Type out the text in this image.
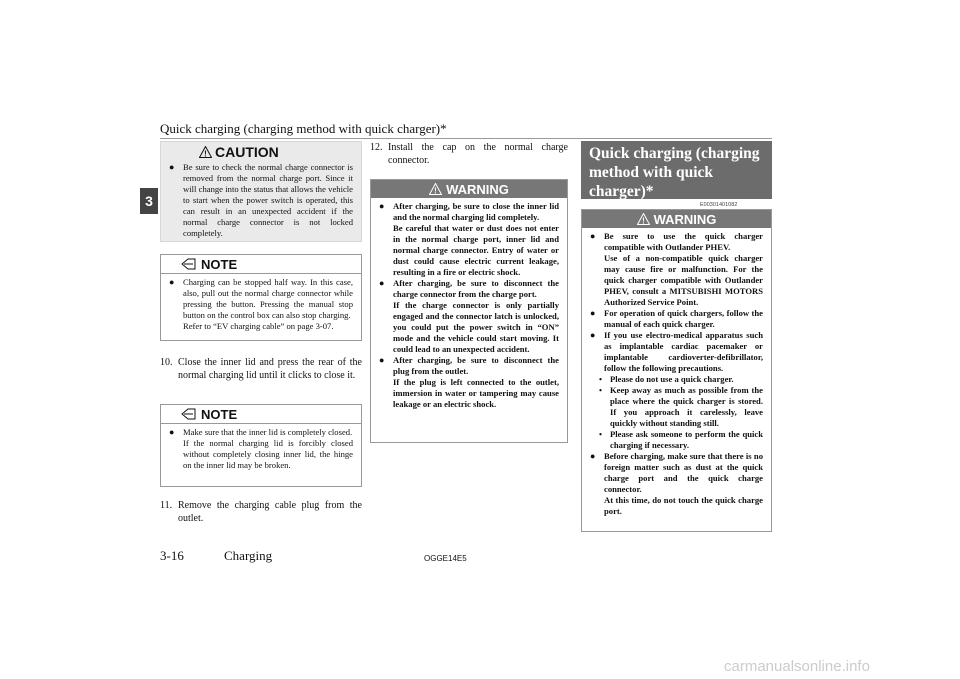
Quick charging (charging method with quick charger)*
3
! CAUTION
● Be sure to check the normal charge connector is removed from the normal charge port. Since it will change into the status that allows the vehicle to start when the power switch is operated, this can result in an unexpected accident if the normal charge connector is not locked completely.
NOTE
● Charging can be stopped half way. In this case, also, pull out the normal charge connector while pressing the button. Pressing the manual stop button on the control box can also stop charging.
Refer to “EV charging cable” on page 3-07.
10. Close the inner lid and press the rear of the normal charging lid until it clicks to close it.
NOTE
● Make sure that the inner lid is completely closed.
If the normal charging lid is forcibly closed without completely closing inner lid, the hinge on the inner lid may be broken.
11. Remove the charging cable plug from the outlet.
12. Install the cap on the normal charge connector.
! WARNING
● After charging, be sure to close the inner lid and the normal charging lid completely.
Be careful that water or dust does not enter in the normal charge port, inner lid and normal charge connector. Entry of water or dust could cause electric current leakage, resulting in a fire or electric shock.
● After charging, be sure to disconnect the charge connector from the charge port.
If the charge connector is only partially engaged and the connector latch is unlocked, you could put the power switch in “ON” mode and the vehicle could start moving. It could lead to an unexpected accident.
● After charging, be sure to disconnect the plug from the outlet.
If the plug is left connected to the outlet, immersion in water or tampering may cause leakage or an electric shock.
Quick charging (charging method with quick charger)*
E00301401082
! WARNING
● Be sure to use the quick charger compatible with Outlander PHEV.
Use of a non-compatible quick charger may cause fire or malfunction. For the quick charger compatible with Outlander PHEV, consult a MITSUBISHI MOTORS Authorized Service Point.
● For operation of quick chargers, follow the manual of each quick charger.
● If you use electro-medical apparatus such as implantable cardiac pacemaker or implantable cardioverter-defibrillator, follow the following precautions.
• Please do not use a quick charger.
• Keep away as much as possible from the place where the quick charger is stored. If you approach it carelessly, leave quickly without standing still.
• Please ask someone to perform the quick charging if necessary.
● Before charging, make sure that there is no foreign matter such as dust at the quick charge port and the quick charge connector.
At this time, do not touch the quick charge port.
3-16	Charging	OGGE14E5
carmanualsonline.info
